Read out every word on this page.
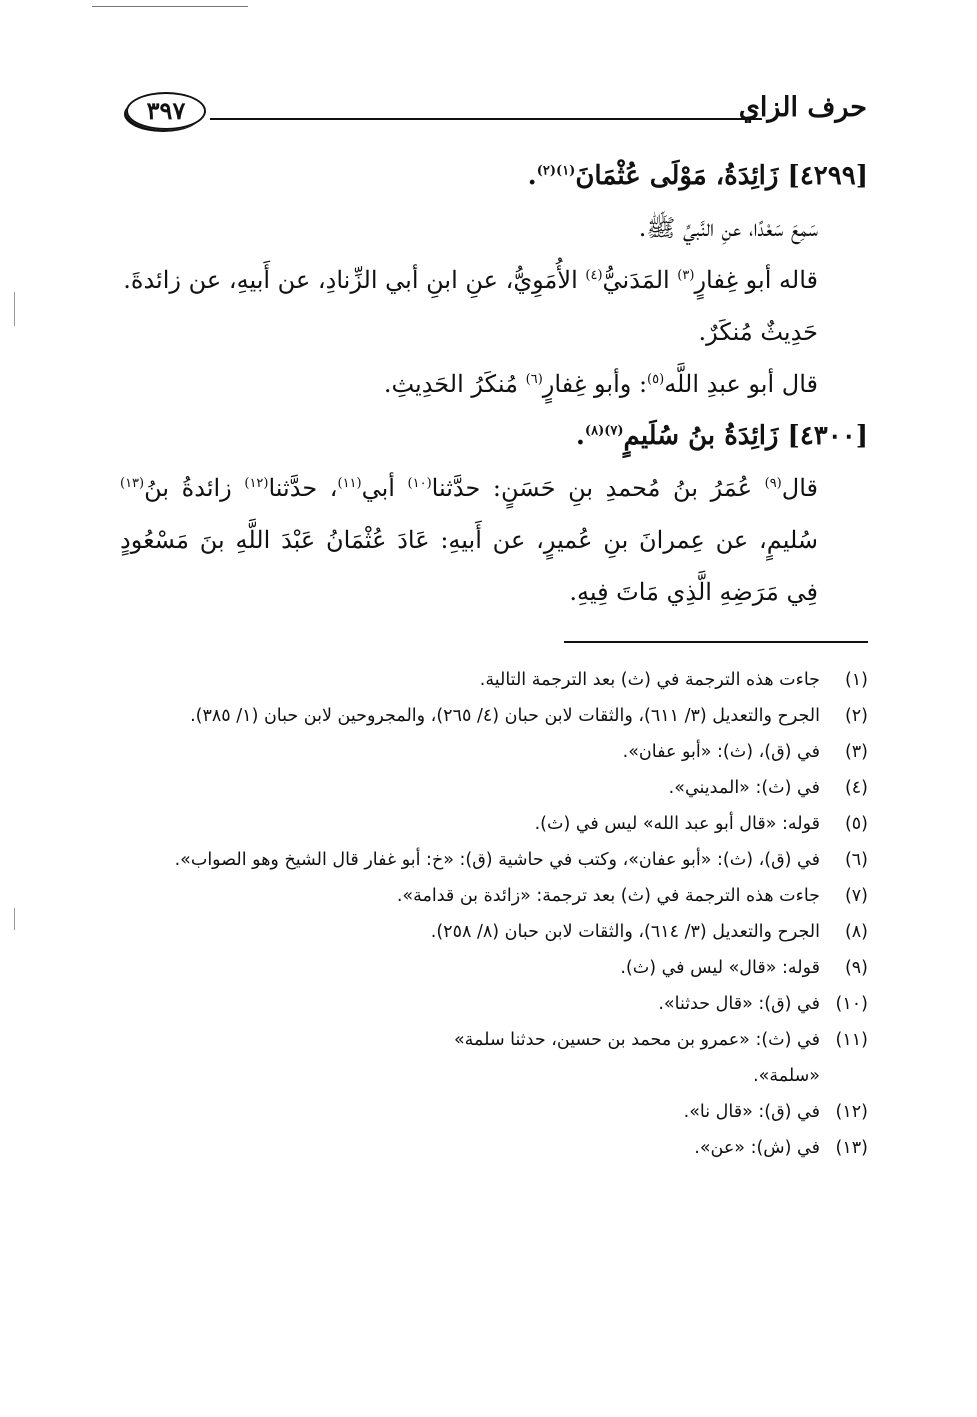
٣٩٧	حرف الزاي

[٤٢٩٩] زَائِدَةُ، مَوْلَى عُثْمَانَ$^{(١)(٢)}$.

سَمِعَ سَعْدًا، عنِ النَّبيِّ ﷺ.

قاله أبو غِفارٍ$^{(٣)}$ المَدَنيُّ$^{(٤)}$ الأُمَوِيُّ، عنِ ابنِ أبي الزِّنادِ، عن أَبيهِ، عن زائدةَ.

حَدِيثٌ مُنكَرٌ.

قال أبو عبدِ اللَّه$^{(٥)}$: وأبو غِفارٍ$^{(٦)}$ مُنكَرُ الحَدِيثِ.

[٤٣٠٠] زَائِدَةُ بنُ سُلَيمٍ$^{(٧)(٨)}$.

قال$^{(٩)}$ عُمَرُ بنُ مُحمدِ بنِ حَسَنٍ: حدَّثنا$^{(١٠)}$ أبي$^{(١١)}$، حدَّثنا$^{(١٢)}$ زائدةُ بنُ$^{(١٣)}$ سُليمٍ، عن عِمرانَ بنِ عُميرٍ، عن أَبيهِ: عَادَ عُثْمَانُ عَبْدَ اللَّهِ بنَ مَسْعُودٍ فِي مَرَضِهِ الَّذِي مَاتَ فِيهِ.

(١)
جاءت هذه الترجمة في (ث) بعد الترجمة التالية.
(٢)
الجرح والتعديل (٣/ ٦١١)، والثقات لابن حبان (٤/ ٢٦٥)، والمجروحين لابن حبان (١/ ٣٨٥).
(٣)
في (ق)، (ث): «أبو عفان».
(٤)
في (ث): «المديني».
(٥)
قوله: «قال أبو عبد الله» ليس في (ث).
(٦)
في (ق)، (ث): «أبو عفان»، وكتب في حاشية (ق): «خ: أبو غفار قال الشيخ وهو الصواب».
(٧)
جاءت هذه الترجمة في (ث) بعد ترجمة: «زائدة بن قدامة».
(٨)
الجرح والتعديل (٣/ ٦١٤)، والثقات لابن حبان (٨/ ٢٥٨).
(٩)
قوله: «قال» ليس في (ث).
(١٠)
في (ق): «قال حدثنا».
(١١)
في (ث): «عمرو بن محمد بن حسين، حدثنا سلمة» «سلمة».
(١٢)
في (ق): «قال نا».
(١٣)
في (ش): «عن».
